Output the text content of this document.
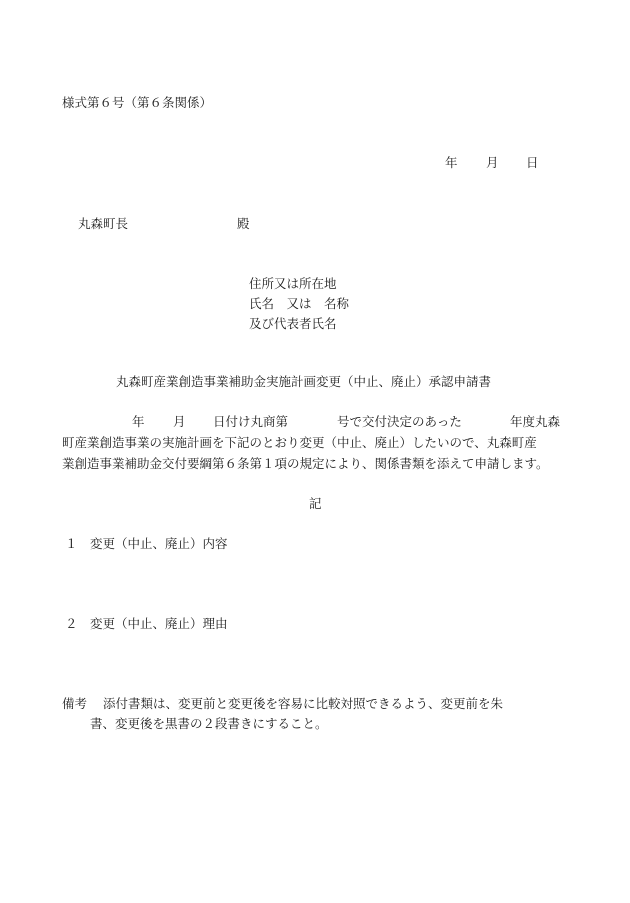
様式第６号（第６条関係）
年 月 日
丸森町長	殿
住所又は所在地
氏名　又は　名称
及び代表者氏名
丸森町産業創造事業補助金実施計画変更（中止、廃止）承認申請書
年 月 日付け丸商第	号で交付決定のあった	年度丸森
町産業創造事業の実施計画を下記のとおり変更（中止、廃止）したいので、丸森町産
業創造事業補助金交付要綱第６条第１項の規定により、関係書類を添えて申請します。
記
１ 変更（中止、廃止）内容
２ 変更（中止、廃止）理由
備考 添付書類は、変更前と変更後を容易に比較対照できるよう、変更前を朱
書、変更後を黒書の２段書きにすること。
